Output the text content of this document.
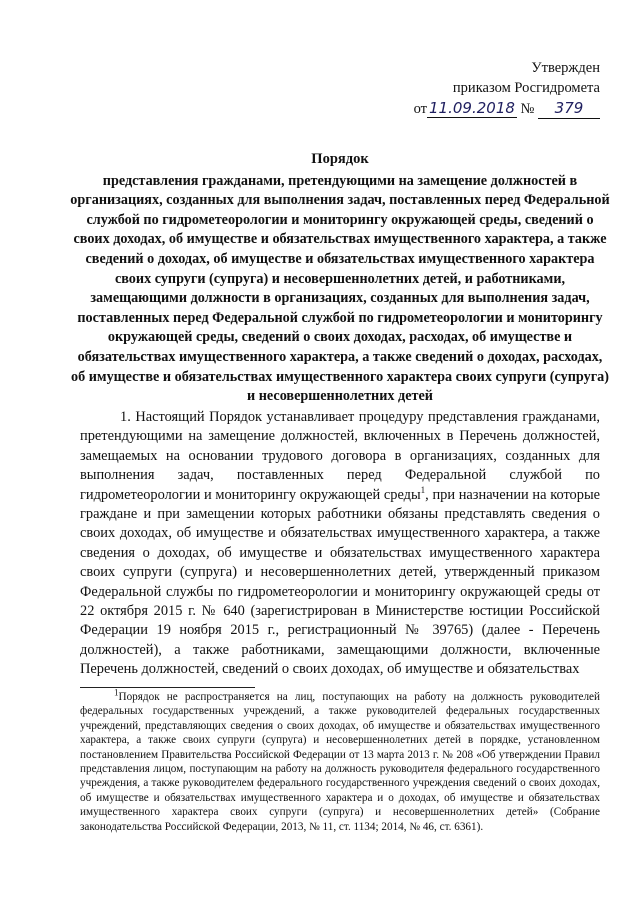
Утвержден
приказом Росгидромета
от 11.09.2018 № 379
Порядок
представления гражданами, претендующими на замещение должностей в организациях, созданных для выполнения задач, поставленных перед Федеральной службой по гидрометеорологии и мониторингу окружающей среды, сведений о своих доходах, об имуществе и обязательствах имущественного характера, а также сведений о доходах, об имуществе и обязательствах имущественного характера своих супруги (супруга) и несовершеннолетних детей, и работниками, замещающими должности в организациях, созданных для выполнения задач, поставленных перед Федеральной службой по гидрометеорологии и мониторингу окружающей среды, сведений о своих доходах, расходах, об имуществе и обязательствах имущественного характера, а также сведений о доходах, расходах, об имуществе и обязательствах имущественного характера своих супруги (супруга) и несовершеннолетних детей

1. Настоящий Порядок устанавливает процедуру представления гражданами, претендующими на замещение должностей, включенных в Перечень должностей, замещаемых на основании трудового договора в организациях, созданных для выполнения задач, поставленных перед Федеральной службой по гидрометеорологии и мониторингу окружающей среды$^1$, при назначении на которые граждане и при замещении которых работники обязаны представлять сведения о своих доходах, об имуществе и обязательствах имущественного характера, а также сведения о доходах, об имуществе и обязательствах имущественного характера своих супруги (супруга) и несовершеннолетних детей, утвержденный приказом Федеральной службы по гидрометеорологии и мониторингу окружающей среды от 22 октября 2015 г. № 640 (зарегистрирован в Министерстве юстиции Российской Федерации 19 ноября 2015 г., регистрационный № 39765) (далее - Перечень должностей), а также работниками, замещающими должности, включенные Перечень должностей, сведений о своих доходах, об имуществе и обязательствах

$^1$Порядок не распространяется на лиц, поступающих на работу на должность руководителей федеральных государственных учреждений, а также руководителей федеральных государственных учреждений, представляющих сведения о своих доходах, об имуществе и обязательствах имущественного характера, а также своих супруги (супруга) и несовершеннолетних детей в порядке, установленном постановлением Правительства Российской Федерации от 13 марта 2013 г. № 208 «Об утверждении Правил представления лицом, поступающим на работу на должность руководителя федерального государственного учреждения, а также руководителем федерального государственного учреждения сведений о своих доходах, об имуществе и обязательствах имущественного характера и о доходах, об имуществе и обязательствах имущественного характера своих супруги (супруга) и несовершеннолетних детей» (Собрание законодательства Российской Федерации, 2013, № 11, ст. 1134; 2014, № 46, ст. 6361).
